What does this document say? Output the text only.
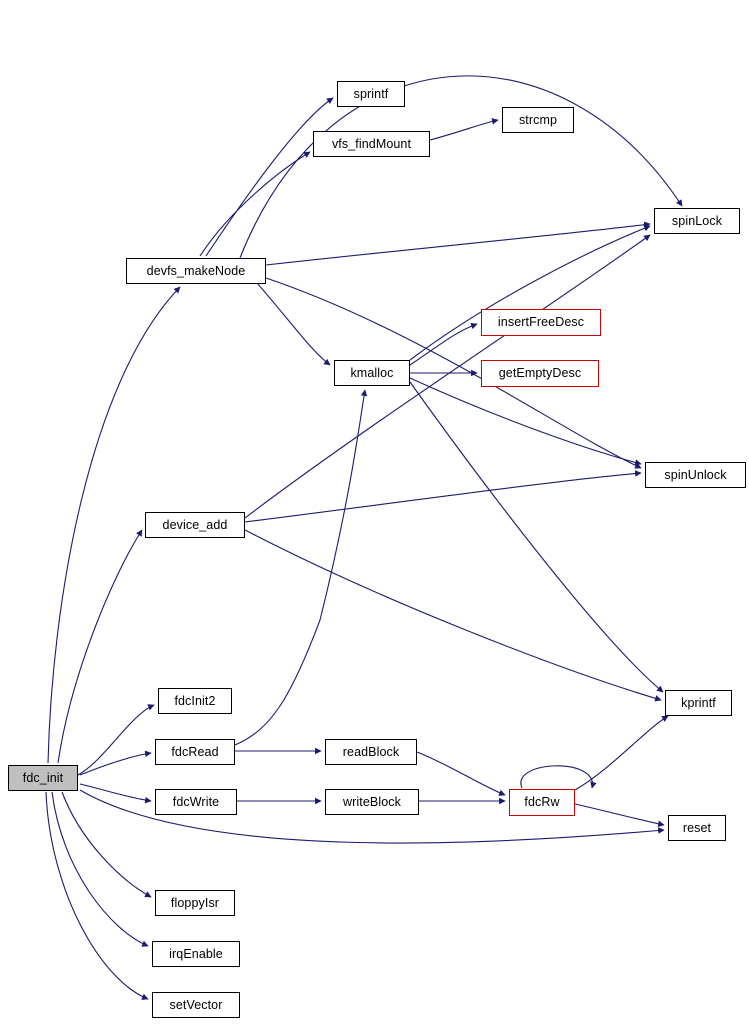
fdc_init
devfs_makeNode
sprintf
vfs_findMount
strcmp
spinLock
kmalloc
insertFreeDesc
getEmptyDesc
spinUnlock
device_add
kprintf
fdcInit2
fdcRead	readBlock
fdcWrite	writeBlock	fdcRw
reset
floppyIsr
irqEnable
setVector
